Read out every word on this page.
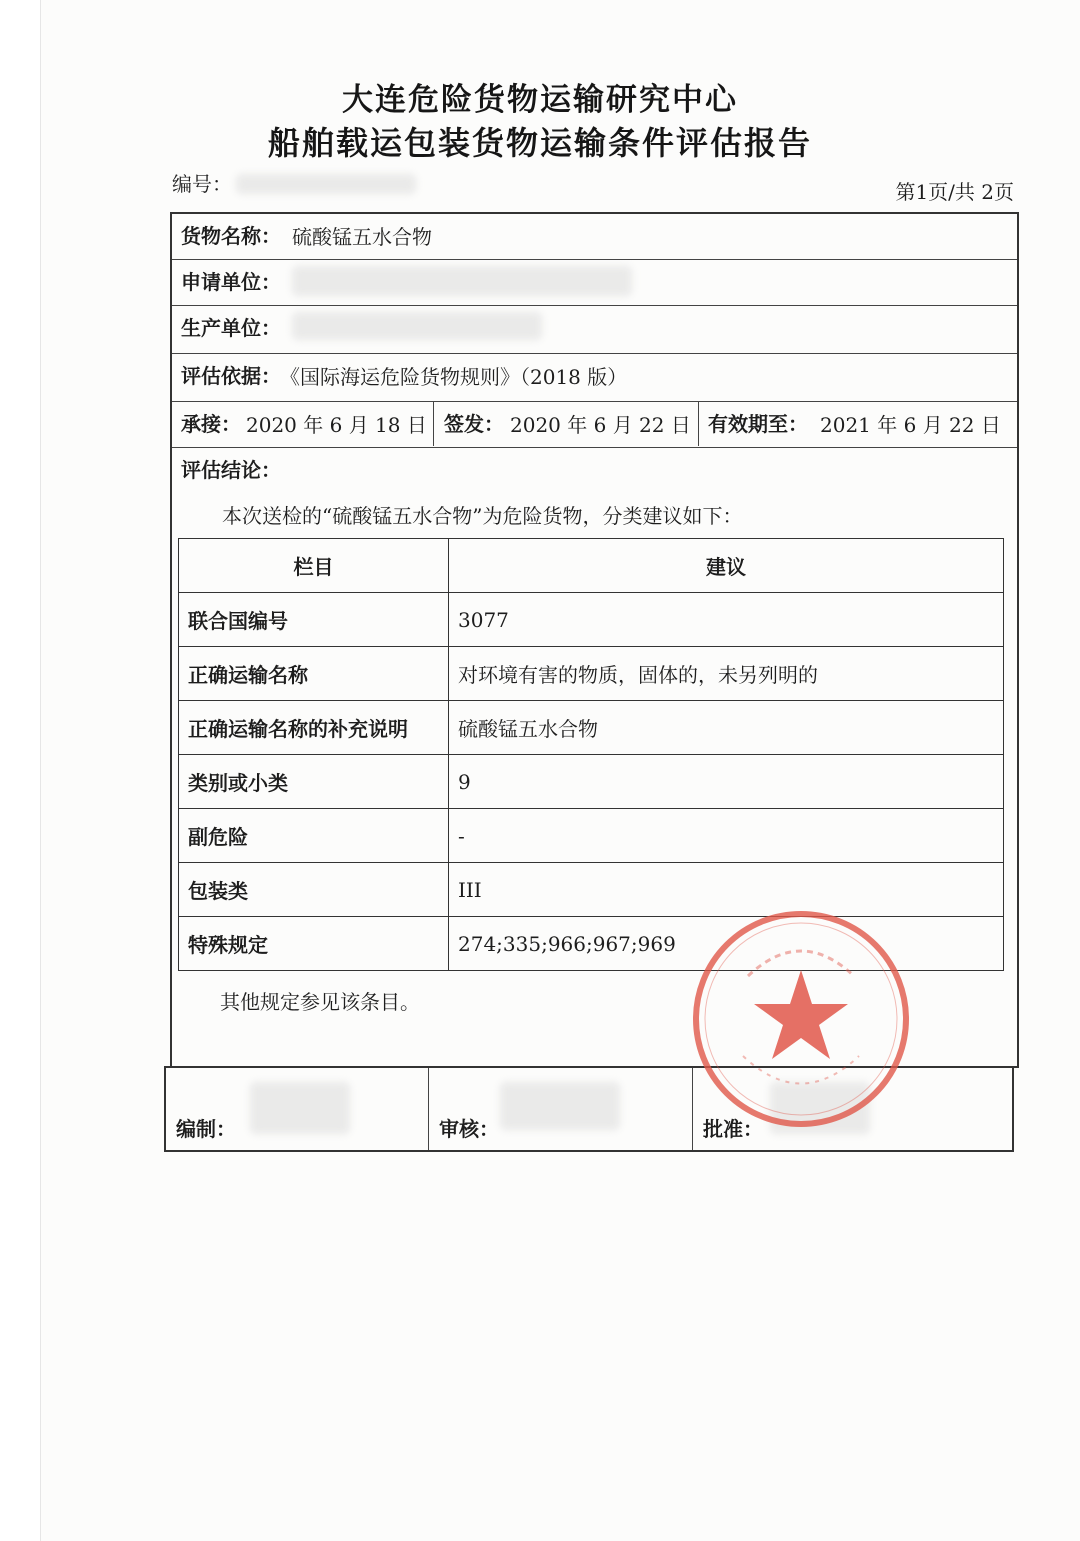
大连危险货物运输研究中心
船舶载运包装货物运输条件评估报告
编号：	第1页/共 2页
货物名称： 硫酸锰五水合物
申请单位：
生产单位：
评估依据： 《国际海运危险货物规则》（2018 版）
承接： 2020 年 6 月 18 日 签发： 2020 年 6 月 22 日 有效期至： 2021 年 6 月 22 日
评估结论：
本次送检的“硫酸锰五水合物”为危险货物，分类建议如下：
栏目	建议
联合国编号	3077
正确运输名称	对环境有害的物质，固体的，未另列明的
正确运输名称的补充说明	硫酸锰五水合物
类别或小类	9
副危险	-
包装类	III
特殊规定	274;335;966;967;969
其他规定参见该条目。
编制：	审核：	批准：
